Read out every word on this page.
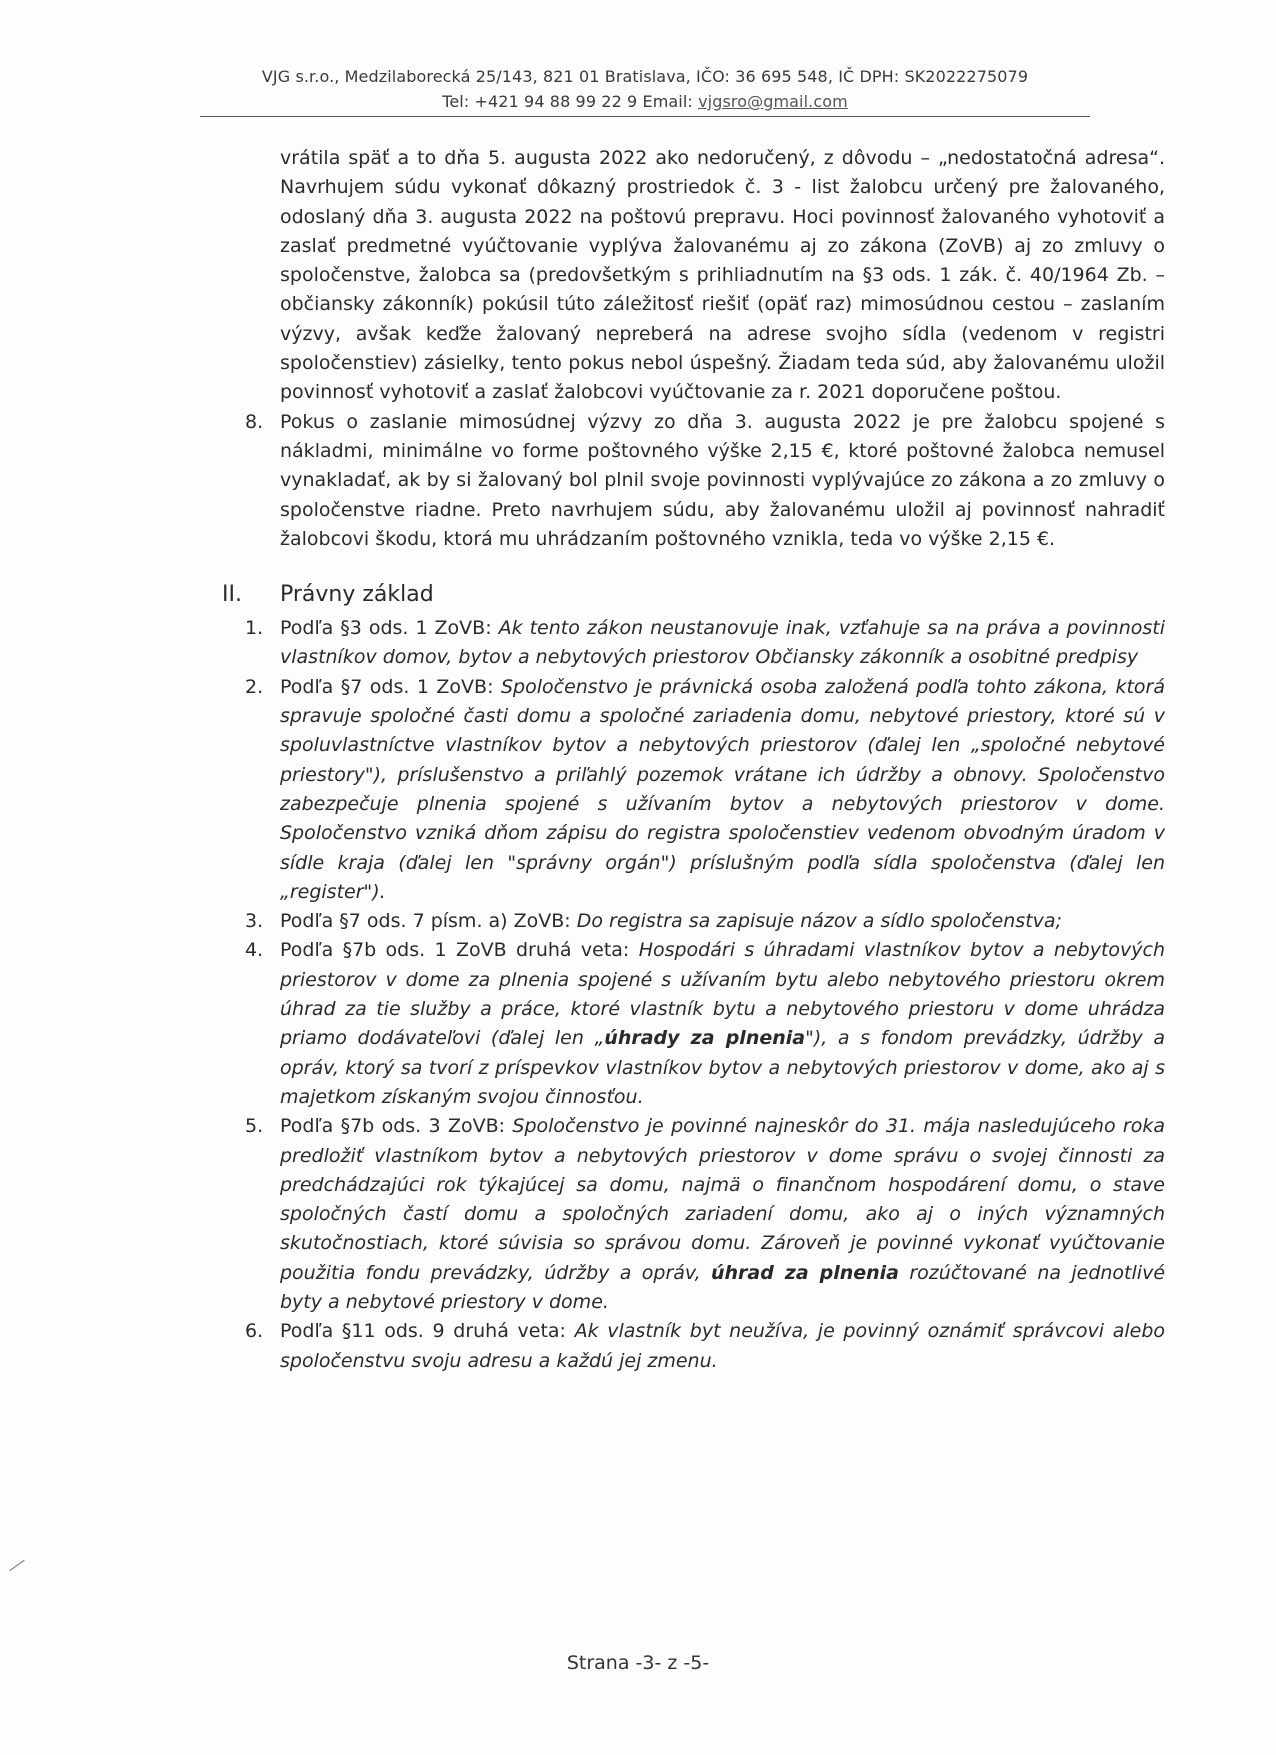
VJG s.r.o., Medzilaborecká 25/143, 821 01 Bratislava, IČO: 36 695 548, IČ DPH: SK2022275079
Tel: +421 94 88 99 22 9 Email: vjgsro@gmail.com
vrátila späť a to dňa 5. augusta 2022 ako nedoručený, z dôvodu – „nedostatočná adresa“. Navrhujem súdu vykonať dôkazný prostriedok č. 3 - list žalobcu určený pre žalovaného, odoslaný dňa 3. augusta 2022 na poštovú prepravu. Hoci povinnosť žalovaného vyhotoviť a zaslať predmetné vyúčtovanie vyplýva žalovanému aj zo zákona (ZoVB) aj zo zmluvy o spoločenstve, žalobca sa (predovšetkým s prihliadnutím na §3 ods. 1 zák. č. 40/1964 Zb. – občiansky zákonník) pokúsil túto záležitosť riešiť (opäť raz) mimosúdnou cestou – zaslaním výzvy, avšak keďže žalovaný nepreberá na adrese svojho sídla (vedenom v registri spoločenstiev) zásielky, tento pokus nebol úspešný. Žiadam teda súd, aby žalovanému uložil povinnosť vyhotoviť a zaslať žalobcovi vyúčtovanie za r. 2021 doporučene poštou.
8. Pokus o zaslanie mimosúdnej výzvy zo dňa 3. augusta 2022 je pre žalobcu spojené s nákladmi, minimálne vo forme poštovného výške 2,15 €, ktoré poštovné žalobca nemusel vynakladať, ak by si žalovaný bol plnil svoje povinnosti vyplývajúce zo zákona a zo zmluvy o spoločenstve riadne. Preto navrhujem súdu, aby žalovanému uložil aj povinnosť nahradiť žalobcovi škodu, ktorá mu uhrádzaním poštovného vznikla, teda vo výške 2,15 €.
II.	Právny základ
1. Podľa §3 ods. 1 ZoVB: Ak tento zákon neustanovuje inak, vzťahuje sa na práva a povinnosti vlastníkov domov, bytov a nebytových priestorov Občiansky zákonník a osobitné predpisy
2. Podľa §7 ods. 1 ZoVB: Spoločenstvo je právnická osoba založená podľa tohto zákona, ktorá spravuje spoločné časti domu a spoločné zariadenia domu, nebytové priestory, ktoré sú v spoluvlastníctve vlastníkov bytov a nebytových priestorov (ďalej len „spoločné nebytové priestory"), príslušenstvo a priľahlý pozemok vrátane ich údržby a obnovy. Spoločenstvo zabezpečuje plnenia spojené s užívaním bytov a nebytových priestorov v dome. Spoločenstvo vzniká dňom zápisu do registra spoločenstiev vedenom obvodným úradom v sídle kraja (ďalej len "správny orgán") príslušným podľa sídla spoločenstva (ďalej len „register").
3. Podľa §7 ods. 7 písm. a) ZoVB: Do registra sa zapisuje názov a sídlo spoločenstva;
4. Podľa §7b ods. 1 ZoVB druhá veta: Hospodári s úhradami vlastníkov bytov a nebytových priestorov v dome za plnenia spojené s užívaním bytu alebo nebytového priestoru okrem úhrad za tie služby a práce, ktoré vlastník bytu a nebytového priestoru v dome uhrádza priamo dodávateľovi (ďalej len „úhrady za plnenia"), a s fondom prevádzky, údržby a opráv, ktorý sa tvorí z príspevkov vlastníkov bytov a nebytových priestorov v dome, ako aj s majetkom získaným svojou činnosťou.
5. Podľa §7b ods. 3 ZoVB: Spoločenstvo je povinné najneskôr do 31. mája nasledujúceho roka predložiť vlastníkom bytov a nebytových priestorov v dome správu o svojej činnosti za predchádzajúci rok týkajúcej sa domu, najmä o finančnom hospodárení domu, o stave spoločných častí domu a spoločných zariadení domu, ako aj o iných významných skutočnostiach, ktoré súvisia so správou domu. Zároveň je povinné vykonať vyúčtovanie použitia fondu prevádzky, údržby a opráv, úhrad za plnenia rozúčtované na jednotlivé byty a nebytové priestory v dome.
6. Podľa §11 ods. 9 druhá veta: Ak vlastník byt neužíva, je povinný oznámiť správcovi alebo spoločenstvu svoju adresu a každú jej zmenu.
Strana -3- z -5-
